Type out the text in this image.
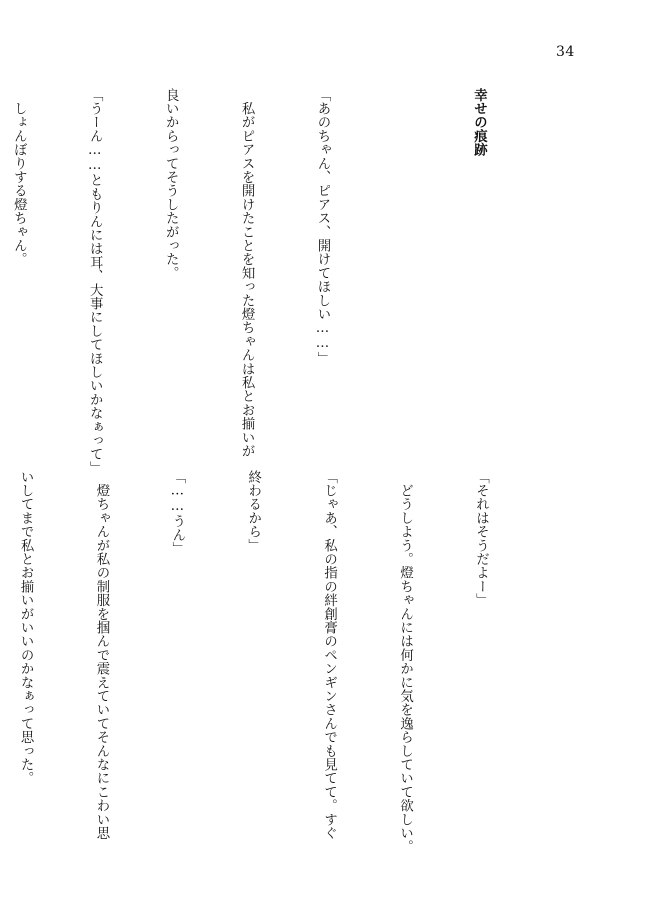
34

幸せの痕跡

「あのちゃん、ピアス、開けてほしい……」

　私がピアスを開けたことを知った燈ちゃんは私とお揃いが

良いからってそうしたがった。

「うーん……ともりんには耳、大事にしてほしいかなぁって」

　しょんぼりする燈ちゃん。

「それはそうだよー」

　どうしよう。燈ちゃんには何かに気を逸らしていて欲しい。

「じゃあ、私の指の絆創膏のペンギンさんでも見てて。すぐ

終わるから」

「……うん」

　燈ちゃんが私の制服を掴んで震えていてそんなにこわい思

いしてまで私とお揃いがいいのかなぁって思った。
